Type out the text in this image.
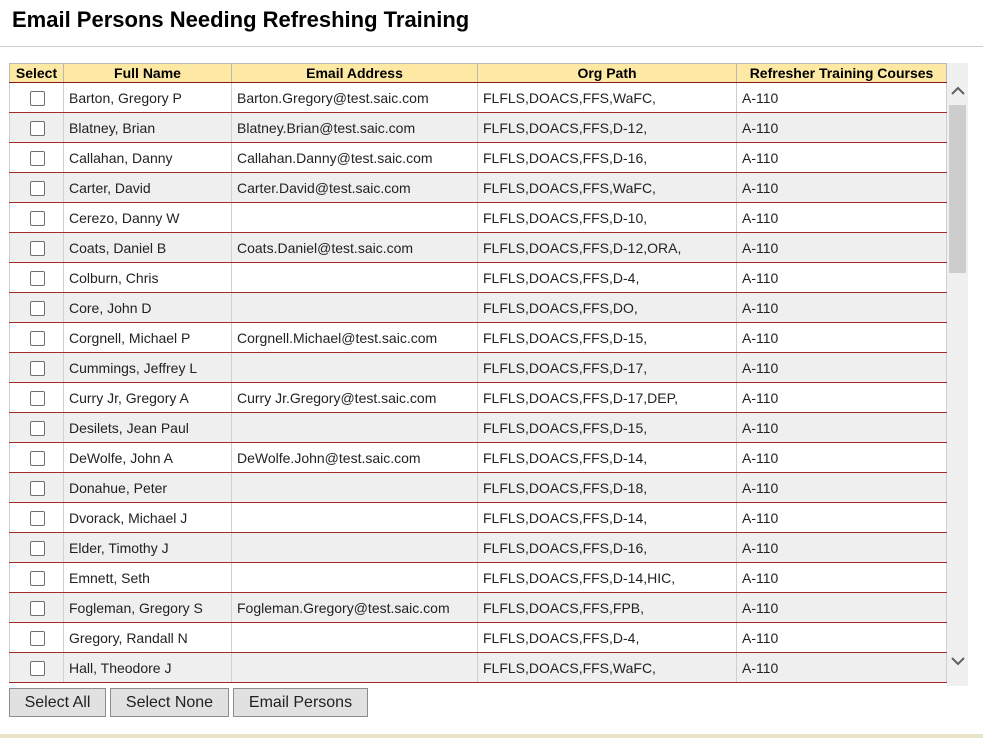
Email Persons Needing Refreshing Training
Select	Full Name	Email Address	Org Path	Refresher Training Courses
	Barton, Gregory P	Barton.Gregory@test.saic.com	FLFLS,DOACS,FFS,WaFC,	A-110
	Blatney, Brian	Blatney.Brian@test.saic.com	FLFLS,DOACS,FFS,D-12,	A-110
	Callahan, Danny	Callahan.Danny@test.saic.com	FLFLS,DOACS,FFS,D-16,	A-110
	Carter, David	Carter.David@test.saic.com	FLFLS,DOACS,FFS,WaFC,	A-110
	Cerezo, Danny W		FLFLS,DOACS,FFS,D-10,	A-110
	Coats, Daniel B	Coats.Daniel@test.saic.com	FLFLS,DOACS,FFS,D-12,ORA,	A-110
	Colburn, Chris		FLFLS,DOACS,FFS,D-4,	A-110
	Core, John D		FLFLS,DOACS,FFS,DO,	A-110
	Corgnell, Michael P	Corgnell.Michael@test.saic.com	FLFLS,DOACS,FFS,D-15,	A-110
	Cummings, Jeffrey L		FLFLS,DOACS,FFS,D-17,	A-110
	Curry Jr, Gregory A	Curry Jr.Gregory@test.saic.com	FLFLS,DOACS,FFS,D-17,DEP,	A-110
	Desilets, Jean Paul		FLFLS,DOACS,FFS,D-15,	A-110
	DeWolfe, John A	DeWolfe.John@test.saic.com	FLFLS,DOACS,FFS,D-14,	A-110
	Donahue, Peter		FLFLS,DOACS,FFS,D-18,	A-110
	Dvorack, Michael J		FLFLS,DOACS,FFS,D-14,	A-110
	Elder, Timothy J		FLFLS,DOACS,FFS,D-16,	A-110
	Emnett, Seth		FLFLS,DOACS,FFS,D-14,HIC,	A-110
	Fogleman, Gregory S	Fogleman.Gregory@test.saic.com	FLFLS,DOACS,FFS,FPB,	A-110
	Gregory, Randall N		FLFLS,DOACS,FFS,D-4,	A-110
	Hall, Theodore J		FLFLS,DOACS,FFS,WaFC,	A-110
Select All	Select None	Email Persons
